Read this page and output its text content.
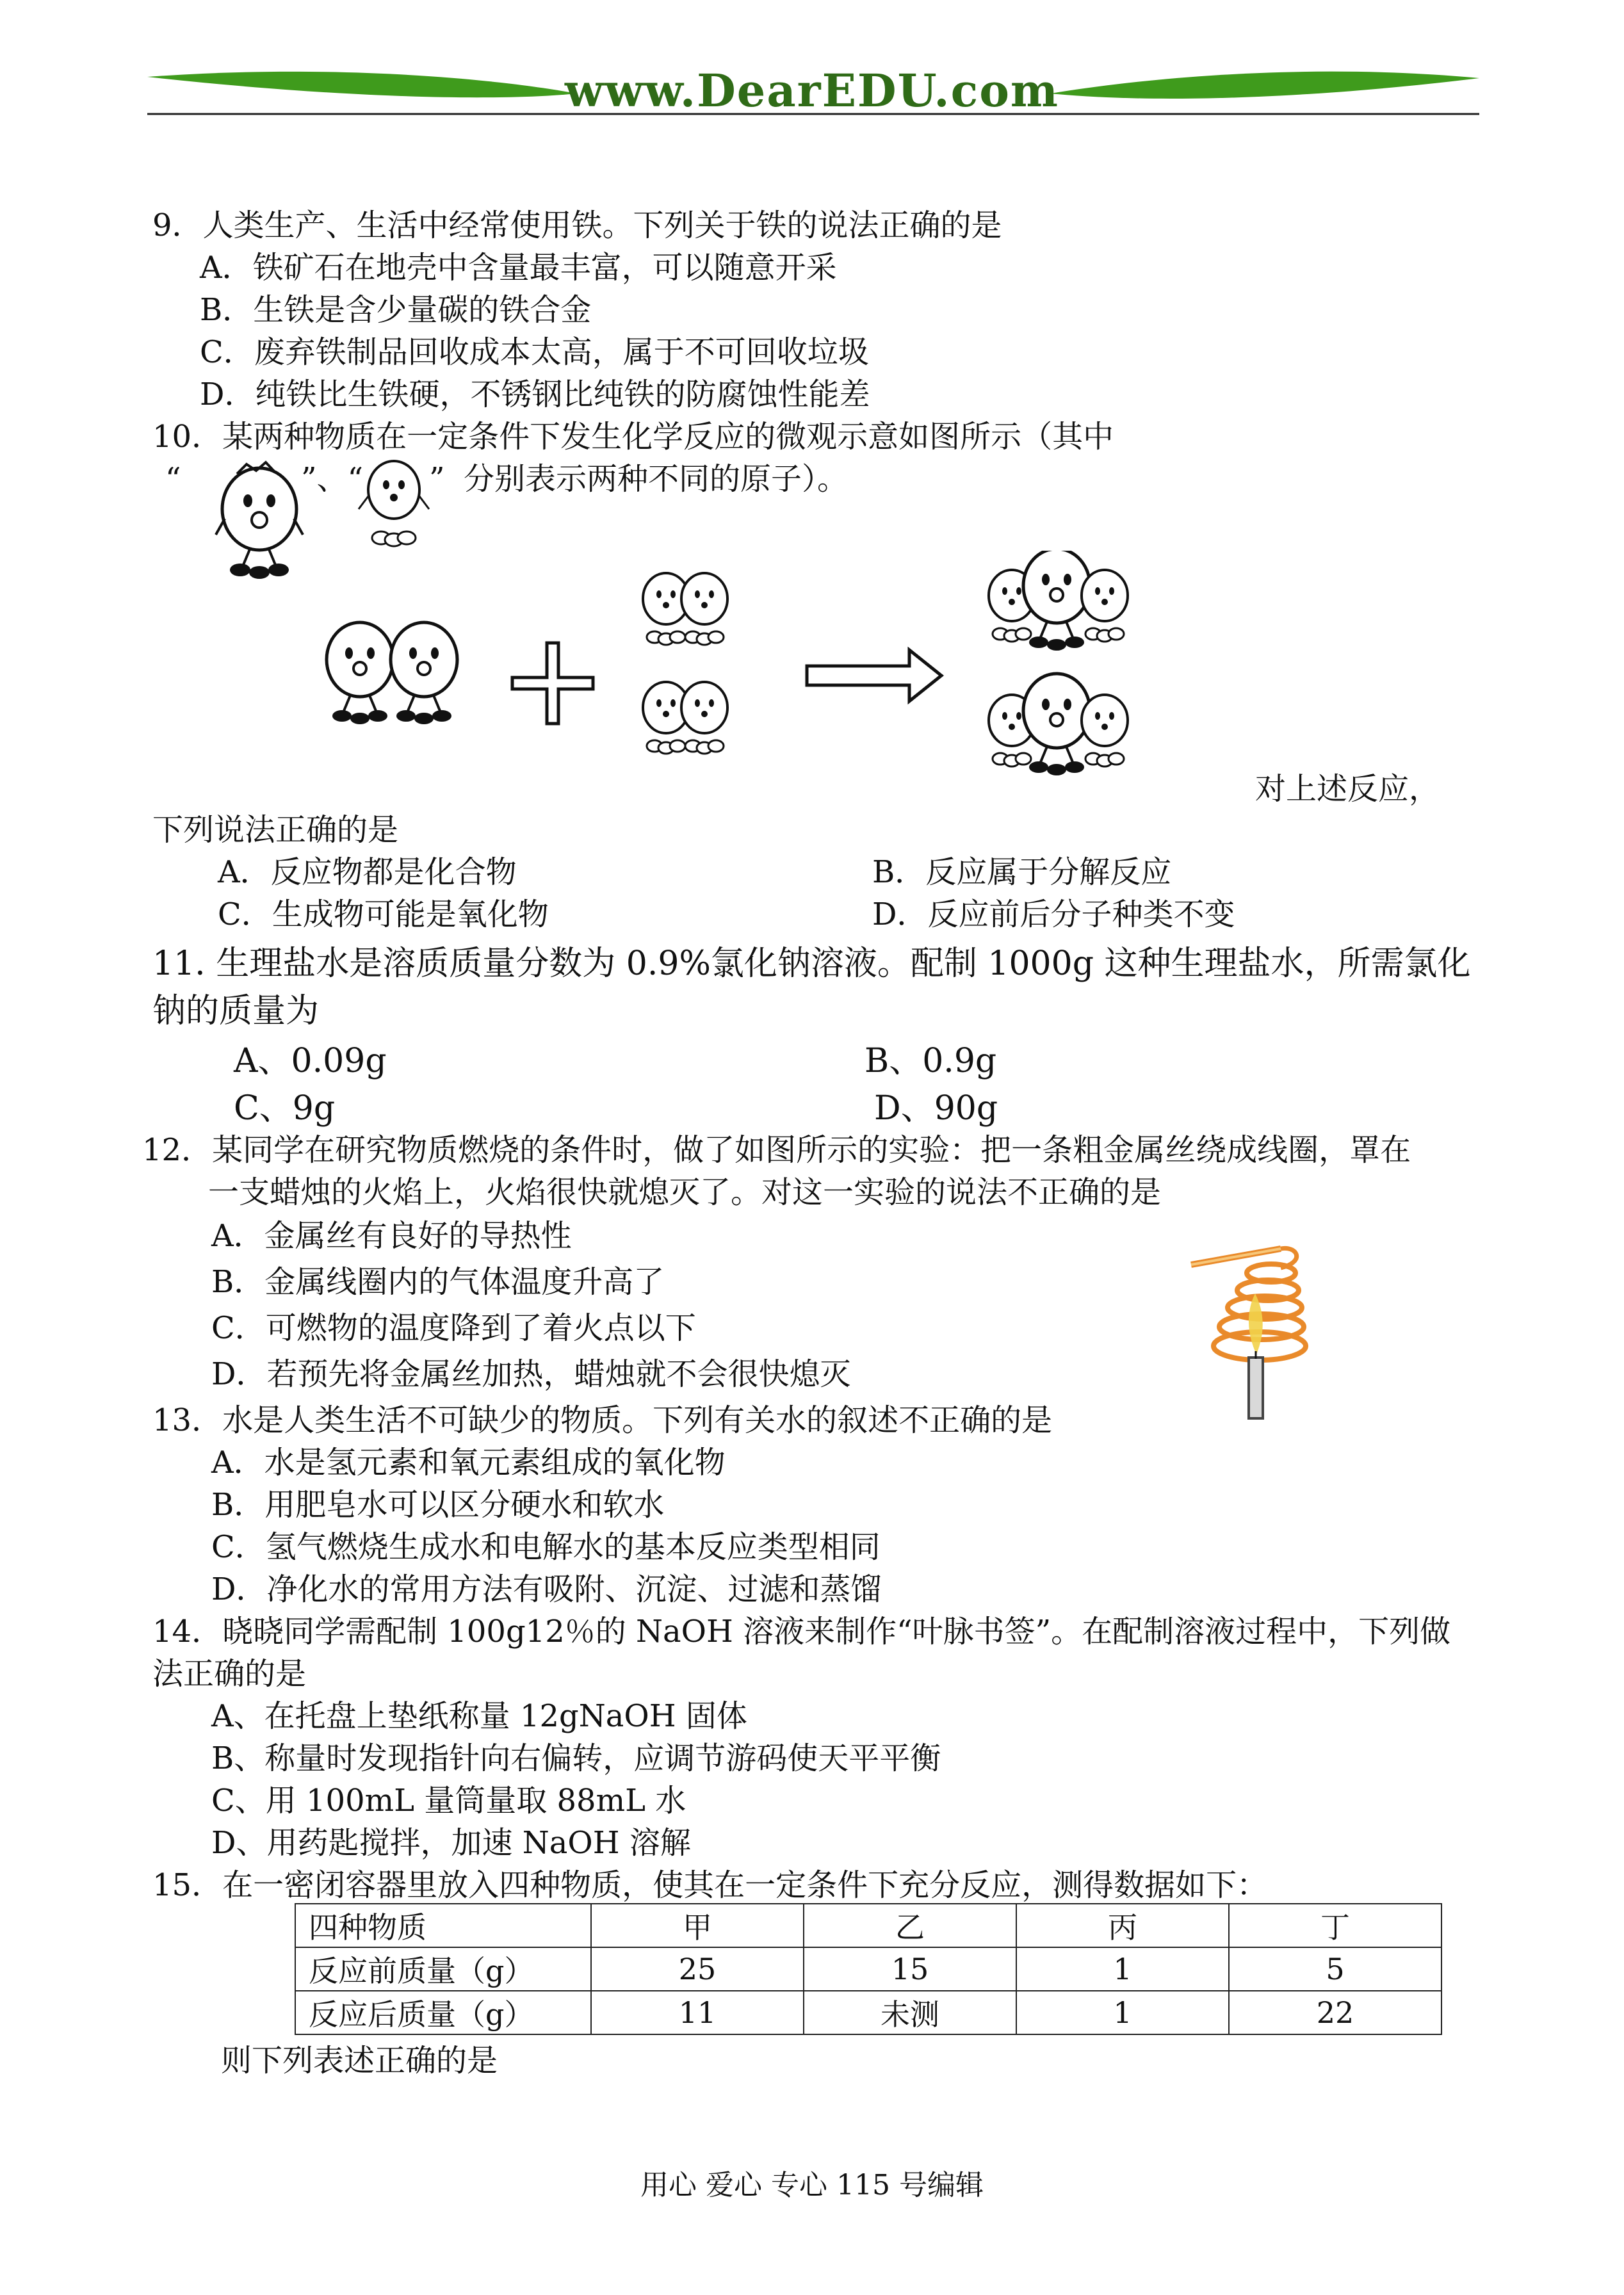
www.DearEDU.com
9．人类生产、生活中经常使用铁。下列关于铁的说法正确的是
A．铁矿石在地壳中含量最丰富，可以随意开采
B．生铁是含少量碳的铁合金
C．废弃铁制品回收成本太高，属于不可回收垃圾
D．纯铁比生铁硬，不锈钢比纯铁的防腐蚀性能差
10．某两种物质在一定条件下发生化学反应的微观示意如图所示（其中
“	”、“ ” 分别表示两种不同的原子）。
对上述反应，
下列说法正确的是
A．反应物都是化合物	B．反应属于分解反应
C．生成物可能是氧化物	D．反应前后分子种类不变
11. 生理盐水是溶质质量分数为 0.9%氯化钠溶液。配制 1000g 这种生理盐水，所需氯化
钠的质量为
A、0.09g	B、0.9g
C、9g	D、90g
12．某同学在研究物质燃烧的条件时，做了如图所示的实验：把一条粗金属丝绕成线圈，罩在
一支蜡烛的火焰上，火焰很快就熄灭了。对这一实验的说法不正确的是
A．金属丝有良好的导热性
B．金属线圈内的气体温度升高了
C．可燃物的温度降到了着火点以下
D．若预先将金属丝加热，蜡烛就不会很快熄灭
13．水是人类生活不可缺少的物质。下列有关水的叙述不正确的是
A．水是氢元素和氧元素组成的氧化物
B．用肥皂水可以区分硬水和软水
C．氢气燃烧生成水和电解水的基本反应类型相同
D．净化水的常用方法有吸附、沉淀、过滤和蒸馏
14．晓晓同学需配制 100g12％的 NaOH 溶液来制作“叶脉书签”。在配制溶液过程中，下列做
法正确的是
A、在托盘上垫纸称量 12gNaOH 固体
B、称量时发现指针向右偏转，应调节游码使天平平衡
C、用 100mL 量筒量取 88mL 水
D、用药匙搅拌，加速 NaOH 溶解
15．在一密闭容器里放入四种物质，使其在一定条件下充分反应，测得数据如下：
四种物质	甲	乙	丙	丁
反应前质量（g）	25	15	1	5
反应后质量（g）	11	未测	1	22
则下列表述正确的是
用心 爱心 专心 115 号编辑
